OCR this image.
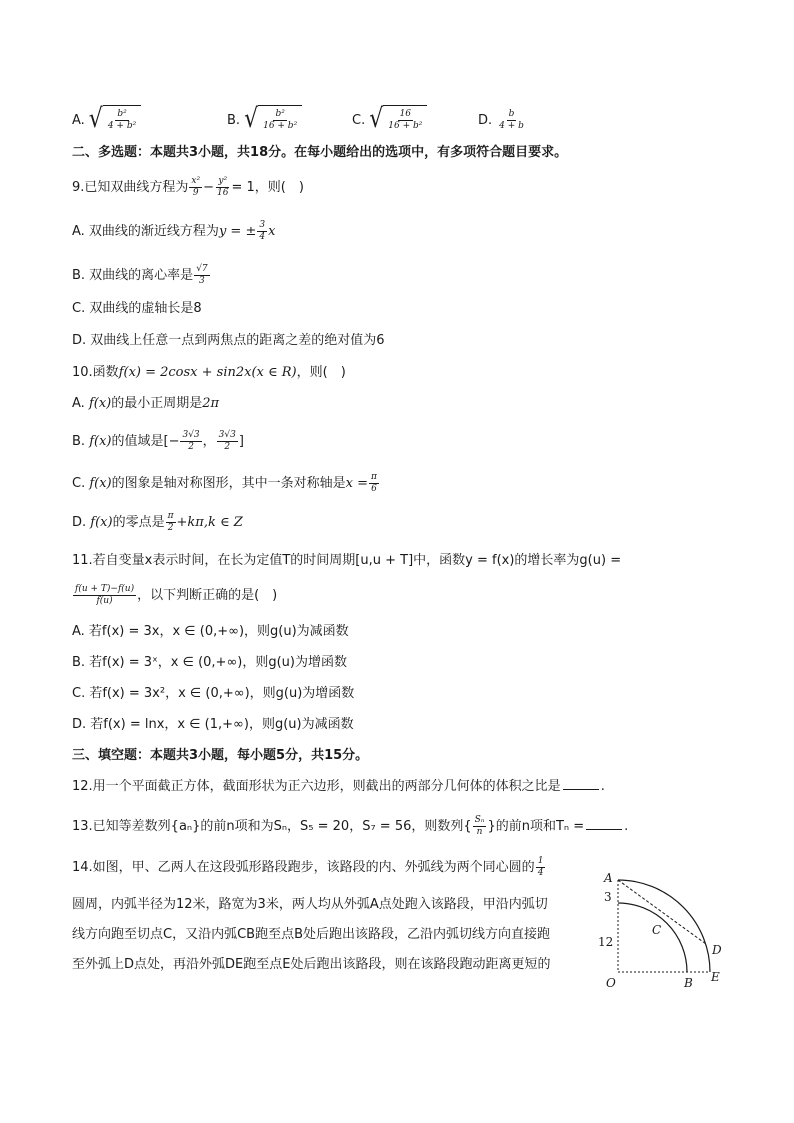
A. √ $\frac{\text{b²}}{\text{4 + b²}}$	B. √ $\frac{\text{b²}}{\text{16 + b²}}$	C. √ $\frac{16}{\text{16 + b²}}$	D. $\frac{b}{4 + b}$
二、多选题：本题共3小题，共18分。在每小题给出的选项中，有多项符合题目要求。
9.已知双曲线方程为 $\frac{\text{x²}}{9} - \frac{\text{y²}}{16} = 1$，则(　)
A. 双曲线的渐近线方程为y = ± $\frac{3}{4}$ x
B. 双曲线的离心率是 $\frac{√7}{3}$
C. 双曲线的虚轴长是8
D. 双曲线上任意一点到两焦点的距离之差的绝对值为6
10.函数f(x) = 2cosx + sin2x(x ∈ R)，则(　)
A. f(x)的最小正周期是2π
B. f(x)的值域是[− $\frac{3√3}{2}$ ， $\frac{3√3}{2}$ ]
C. f(x)的图象是轴对称图形，其中一条对称轴是$x = \frac{\pi}{6}$
D. f(x)的零点是 $\frac{\pi}{2} +k\pi,k$ ∈ Z
11.若自变量x表示时间，在长为定值T的时间周期[u,u + T]中，函数y = f(x)的增长率为g(u) =
$\frac{f(u + T)-f(u)}{f(u)}$ ，以下判断正确的是(　)
A. 若f(x) = 3x，x ∈ (0,+∞)，则g(u)为减函数
B. 若f(x) = 3ˣ，x ∈ (0,+∞)，则g(u)为增函数
C. 若f(x) = 3x²，x ∈ (0,+∞)，则g(u)为增函数
D. 若f(x) = lnx，x ∈ (1,+∞)，则g(u)为减函数
三、填空题：本题共3小题，每小题5分，共15分。
12.用一个平面截正方体，截面形状为正六边形，则截出的两部分几何体的体积之比是	.
13.已知等差数列{aₙ}的前n项和为Sₙ，S₅ = 20，S₇ = 56，则数列{ $\frac{\text{Sₙ}}{n}$ }的前n项和Tₙ =	.
14.如图，甲、乙两人在这段弧形路段跑步，该路段的内、外弧线为两个同心圆的 $\frac{1}{4}$
圆周，内弧半径为12米，路宽为3米，两人均从外弧A点处跑入该路段，甲沿内弧切
线方向跑至切点C，又沿内弧CB跑至点B处后跑出该路段，乙沿内弧切线方向直接跑
至外弧上D点处，再沿外弧DE跑至点E处后跑出该路段，则在该路段跑动距离更短的
A
3
12
C
D
O	B E
